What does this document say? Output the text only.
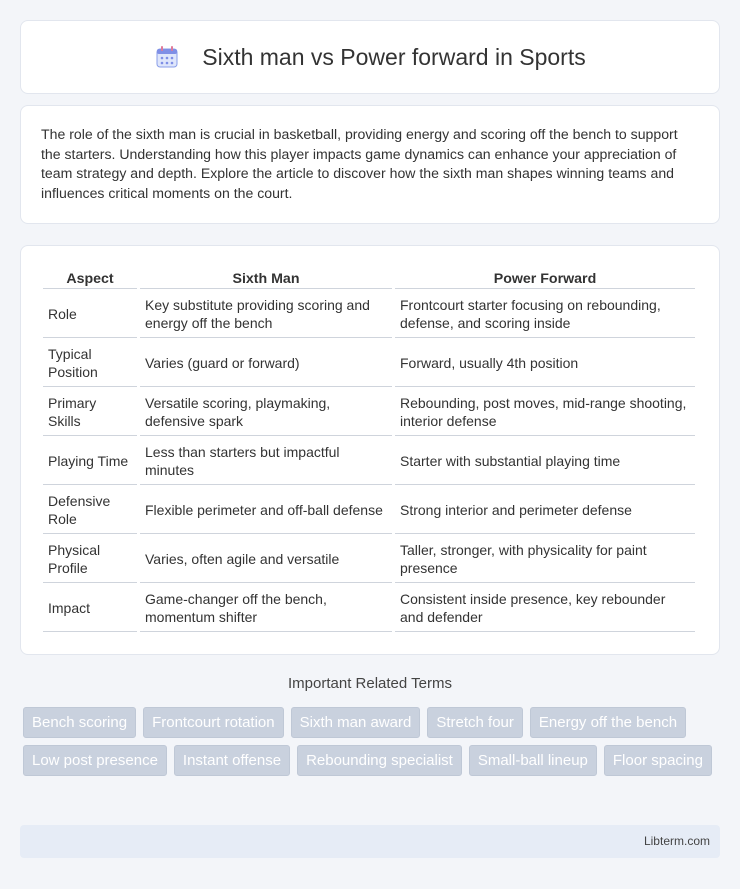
Sixth man vs Power forward in Sports

The role of the sixth man is crucial in basketball, providing energy and scoring off the bench to support the starters. Understanding how this player impacts game dynamics can enhance your appreciation of team strategy and depth. Explore the article to discover how the sixth man shapes winning teams and influences critical moments on the court.

Aspect	Sixth Man	Power Forward
Role	Key substitute providing scoring and energy off the bench	Frontcourt starter focusing on rebounding, defense, and scoring inside
Typical Position	Varies (guard or forward)	Forward, usually 4th position
Primary Skills	Versatile scoring, playmaking, defensive spark	Rebounding, post moves, mid-range shooting, interior defense
Playing Time	Less than starters but impactful minutes	Starter with substantial playing time
Defensive Role	Flexible perimeter and off-ball defense	Strong interior and perimeter defense
Physical Profile	Varies, often agile and versatile	Taller, stronger, with physicality for paint presence
Impact	Game-changer off the bench, momentum shifter	Consistent inside presence, key rebounder and defender
Important Related Terms
Bench scoring	Frontcourt rotation	Sixth man award	Stretch four	Energy off the bench
Low post presence	Instant offense	Rebounding specialist	Small-ball lineup	Floor spacing
Libterm.com
